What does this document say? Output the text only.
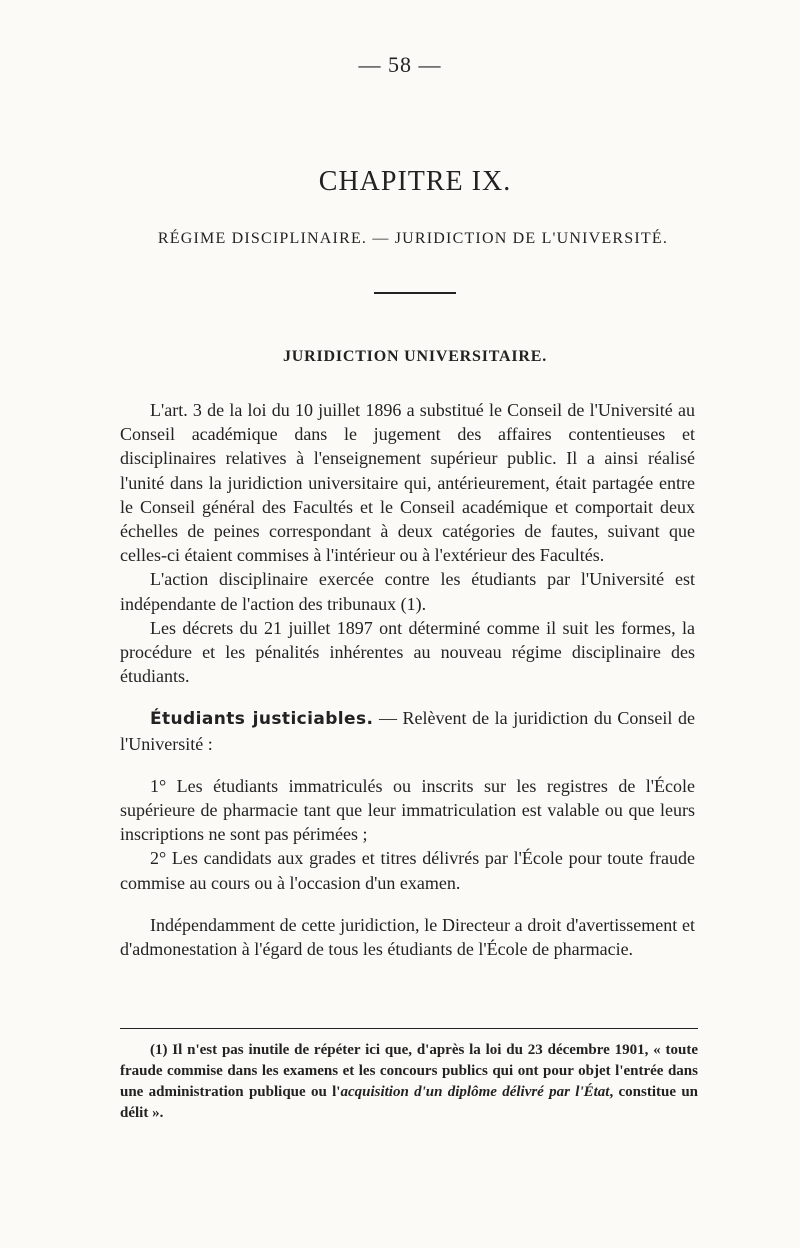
— 58 —
CHAPITRE IX.
RÉGIME DISCIPLINAIRE. — JURIDICTION DE L'UNIVERSITÉ.
JURIDICTION UNIVERSITAIRE.

L'art. 3 de la loi du 10 juillet 1896 a substitué le Conseil de l'Université au Conseil académique dans le jugement des affaires contentieuses et disciplinaires relatives à l'enseignement supérieur public. Il a ainsi réalisé l'unité dans la juridiction universitaire qui, antérieurement, était partagée entre le Conseil général des Facultés et le Conseil académique et comportait deux échelles de peines correspondant à deux catégories de fautes, suivant que celles-ci étaient commises à l'intérieur ou à l'extérieur des Facultés.

L'action disciplinaire exercée contre les étudiants par l'Université est indépendante de l'action des tribunaux (1).

Les décrets du 21 juillet 1897 ont déterminé comme il suit les formes, la procédure et les pénalités inhérentes au nouveau régime disciplinaire des étudiants.

Étudiants justiciables. — Relèvent de la juridiction du Conseil de l'Université :

1° Les étudiants immatriculés ou inscrits sur les registres de l'École supérieure de pharmacie tant que leur immatriculation est valable ou que leurs inscriptions ne sont pas périmées ;

2° Les candidats aux grades et titres délivrés par l'École pour toute fraude commise au cours ou à l'occasion d'un examen.

Indépendamment de cette juridiction, le Directeur a droit d'avertissement et d'admonestation à l'égard de tous les étudiants de l'École de pharmacie.

(1) Il n'est pas inutile de répéter ici que, d'après la loi du 23 décembre 1901, « toute fraude commise dans les examens et les concours publics qui ont pour objet l'entrée dans une administration publique ou l'acquisition d'un diplôme délivré par l'État, constitue un délit ».
